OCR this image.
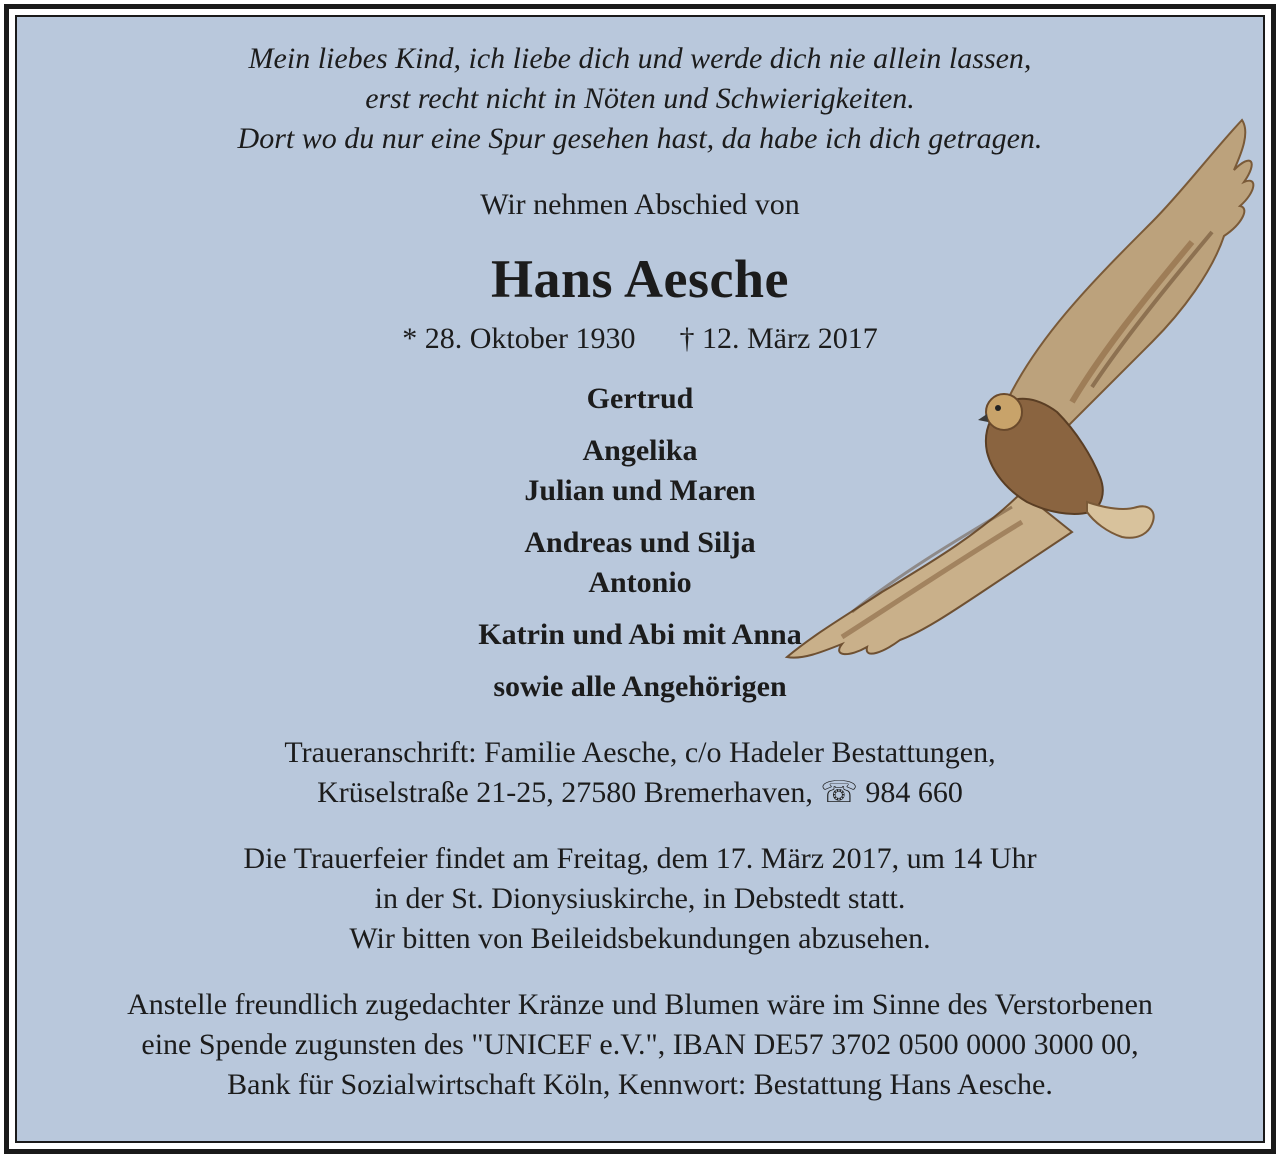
Mein liebes Kind, ich liebe dich und werde dich nie allein lassen,
erst recht nicht in Nöten und Schwierigkeiten.
Dort wo du nur eine Spur gesehen hast, da habe ich dich getragen.
Wir nehmen Abschied von
Hans Aesche
* 28. Oktober 1930 † 12. März 2017
Gertrud
Angelika
Julian und Maren
Andreas und Silja
Antonio
Katrin und Abi mit Anna
sowie alle Angehörigen
Traueranschrift: Familie Aesche, c/o Hadeler Bestattungen,
Krüselstraße 21-25, 27580 Bremerhaven, ☏ 984 660
Die Trauerfeier findet am Freitag, dem 17. März 2017, um 14 Uhr
in der St. Dionysiuskirche, in Debstedt statt.
Wir bitten von Beileidsbekundungen abzusehen.
Anstelle freundlich zugedachter Kränze und Blumen wäre im Sinne des Verstorbenen
eine Spende zugunsten des "UNICEF e.V.", IBAN DE57 3702 0500 0000 3000 00,
Bank für Sozialwirtschaft Köln, Kennwort: Bestattung Hans Aesche.
